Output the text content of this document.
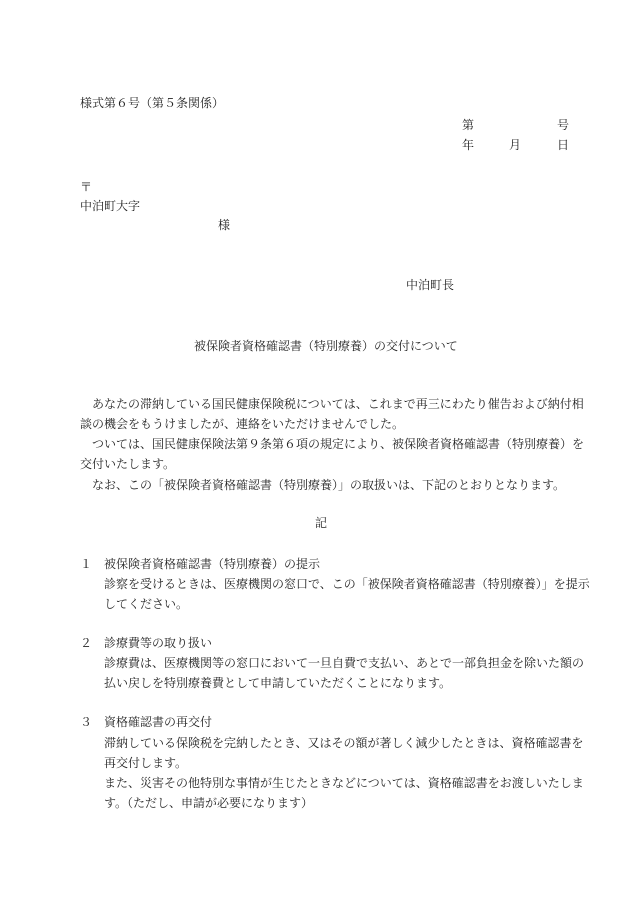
様式第６号（第５条関係）
第	号
年	月	日
〒
中泊町大字
様
中泊町長
被保険者資格確認書（特別療養）の交付について
あなたの滞納している国民健康保険税については、これまで再三にわたり催告および納付相
談の機会をもうけましたが、連絡をいただけませんでした。
ついては、国民健康保険法第９条第６項の規定により、被保険者資格確認書（特別療養）を
交付いたします。
なお、この「被保険者資格確認書（特別療養）」の取扱いは、下記のとおりとなります。
記
１ 被保険者資格確認書（特別療養）の提示
診察を受けるときは、医療機関の窓口で、この「被保険者資格確認書（特別療養）」を提示
してください。
２ 診療費等の取り扱い
診療費は、医療機関等の窓口において一旦自費で支払い、あとで一部負担金を除いた額の
払い戻しを特別療養費として申請していただくことになります。
３ 資格確認書の再交付
滞納している保険税を完納したとき、又はその額が著しく減少したときは、資格確認書を
再交付します。
また、災害その他特別な事情が生じたときなどについては、資格確認書をお渡しいたしま
す。（ただし、申請が必要になります）
